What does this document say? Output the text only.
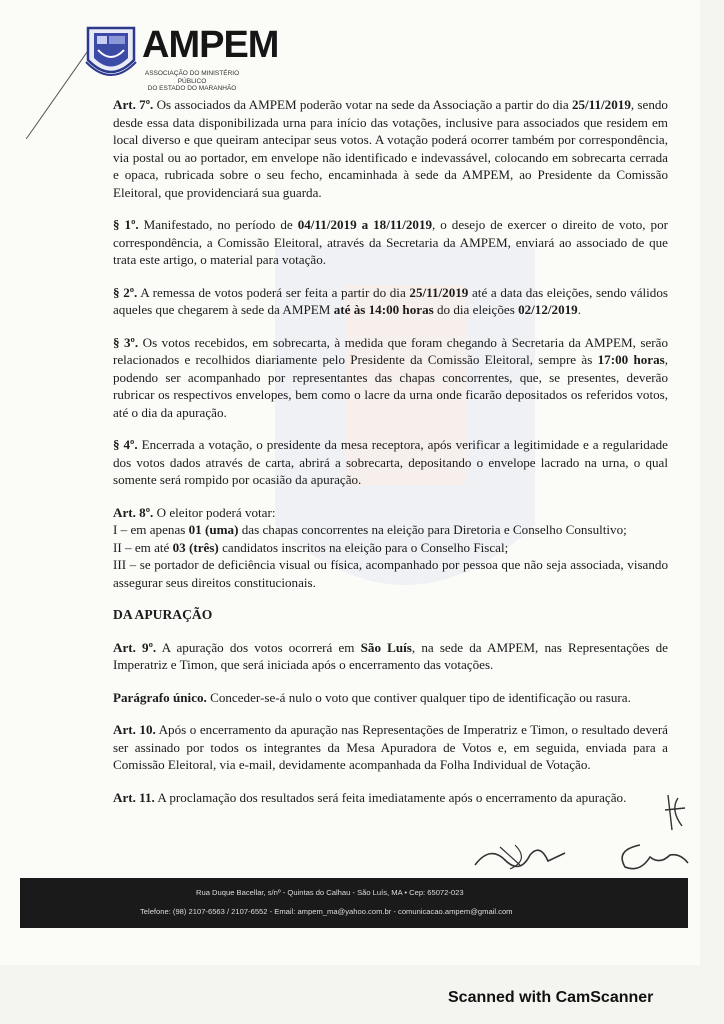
AMPEM
ASSOCIAÇÃO DO MINISTÉRIO PÚBLICO
DO ESTADO DO MARANHÃO

Art. 7º. Os associados da AMPEM poderão votar na sede da Associação a partir do dia 25/11/2019, sendo desde essa data disponibilizada urna para início das votações, inclusive para associados que residem em local diverso e que queiram antecipar seus votos. A votação poderá ocorrer também por correspondência, via postal ou ao portador, em envelope não identificado e indevassável, colocando em sobrecarta cerrada e opaca, rubricada sobre o seu fecho, encaminhada à sede da AMPEM, ao Presidente da Comissão Eleitoral, que providenciará sua guarda.

§ 1º. Manifestado, no período de 04/11/2019 a 18/11/2019, o desejo de exercer o direito de voto, por correspondência, a Comissão Eleitoral, através da Secretaria da AMPEM, enviará ao associado de que trata este artigo, o material para votação.

§ 2º. A remessa de votos poderá ser feita a partir do dia 25/11/2019 até a data das eleições, sendo válidos aqueles que chegarem à sede da AMPEM até às 14:00 horas do dia eleições 02/12/2019.

§ 3º. Os votos recebidos, em sobrecarta, à medida que foram chegando à Secretaria da AMPEM, serão relacionados e recolhidos diariamente pelo Presidente da Comissão Eleitoral, sempre às 17:00 horas, podendo ser acompanhado por representantes das chapas concorrentes, que, se presentes, deverão rubricar os respectivos envelopes, bem como o lacre da urna onde ficarão depositados os referidos votos, até o dia da apuração.

§ 4º. Encerrada a votação, o presidente da mesa receptora, após verificar a legitimidade e a regularidade dos votos dados através de carta, abrirá a sobrecarta, depositando o envelope lacrado na urna, o qual somente será rompido por ocasião da apuração.

Art. 8º. O eleitor poderá votar:
I – em apenas 01 (uma) das chapas concorrentes na eleição para Diretoria e Conselho Consultivo;
II – em até 03 (três) candidatos inscritos na eleição para o Conselho Fiscal;
III – se portador de deficiência visual ou física, acompanhado por pessoa que não seja associada, visando assegurar seus direitos constitucionais.

DA APURAÇÃO

Art. 9º. A apuração dos votos ocorrerá em São Luís, na sede da AMPEM, nas Representações de Imperatriz e Timon, que será iniciada após o encerramento das votações.

Parágrafo único. Conceder-se-á nulo o voto que contiver qualquer tipo de identificação ou rasura.

Art. 10. Após o encerramento da apuração nas Representações de Imperatriz e Timon, o resultado deverá ser assinado por todos os integrantes da Mesa Apuradora de Votos e, em seguida, enviada para a Comissão Eleitoral, via e-mail, devidamente acompanhada da Folha Individual de Votação.

Art. 11. A proclamação dos resultados será feita imediatamente após o encerramento da apuração.

Rua Duque Bacellar, s/nº - Quintas do Calhau - São Luís, MA • Cep: 65072-023
Telefone: (98) 2107-6563 / 2107-6552 - Email: ampem_ma@yahoo.com.br - comunicacao.ampem@gmail.com
Scanned with CamScanner
